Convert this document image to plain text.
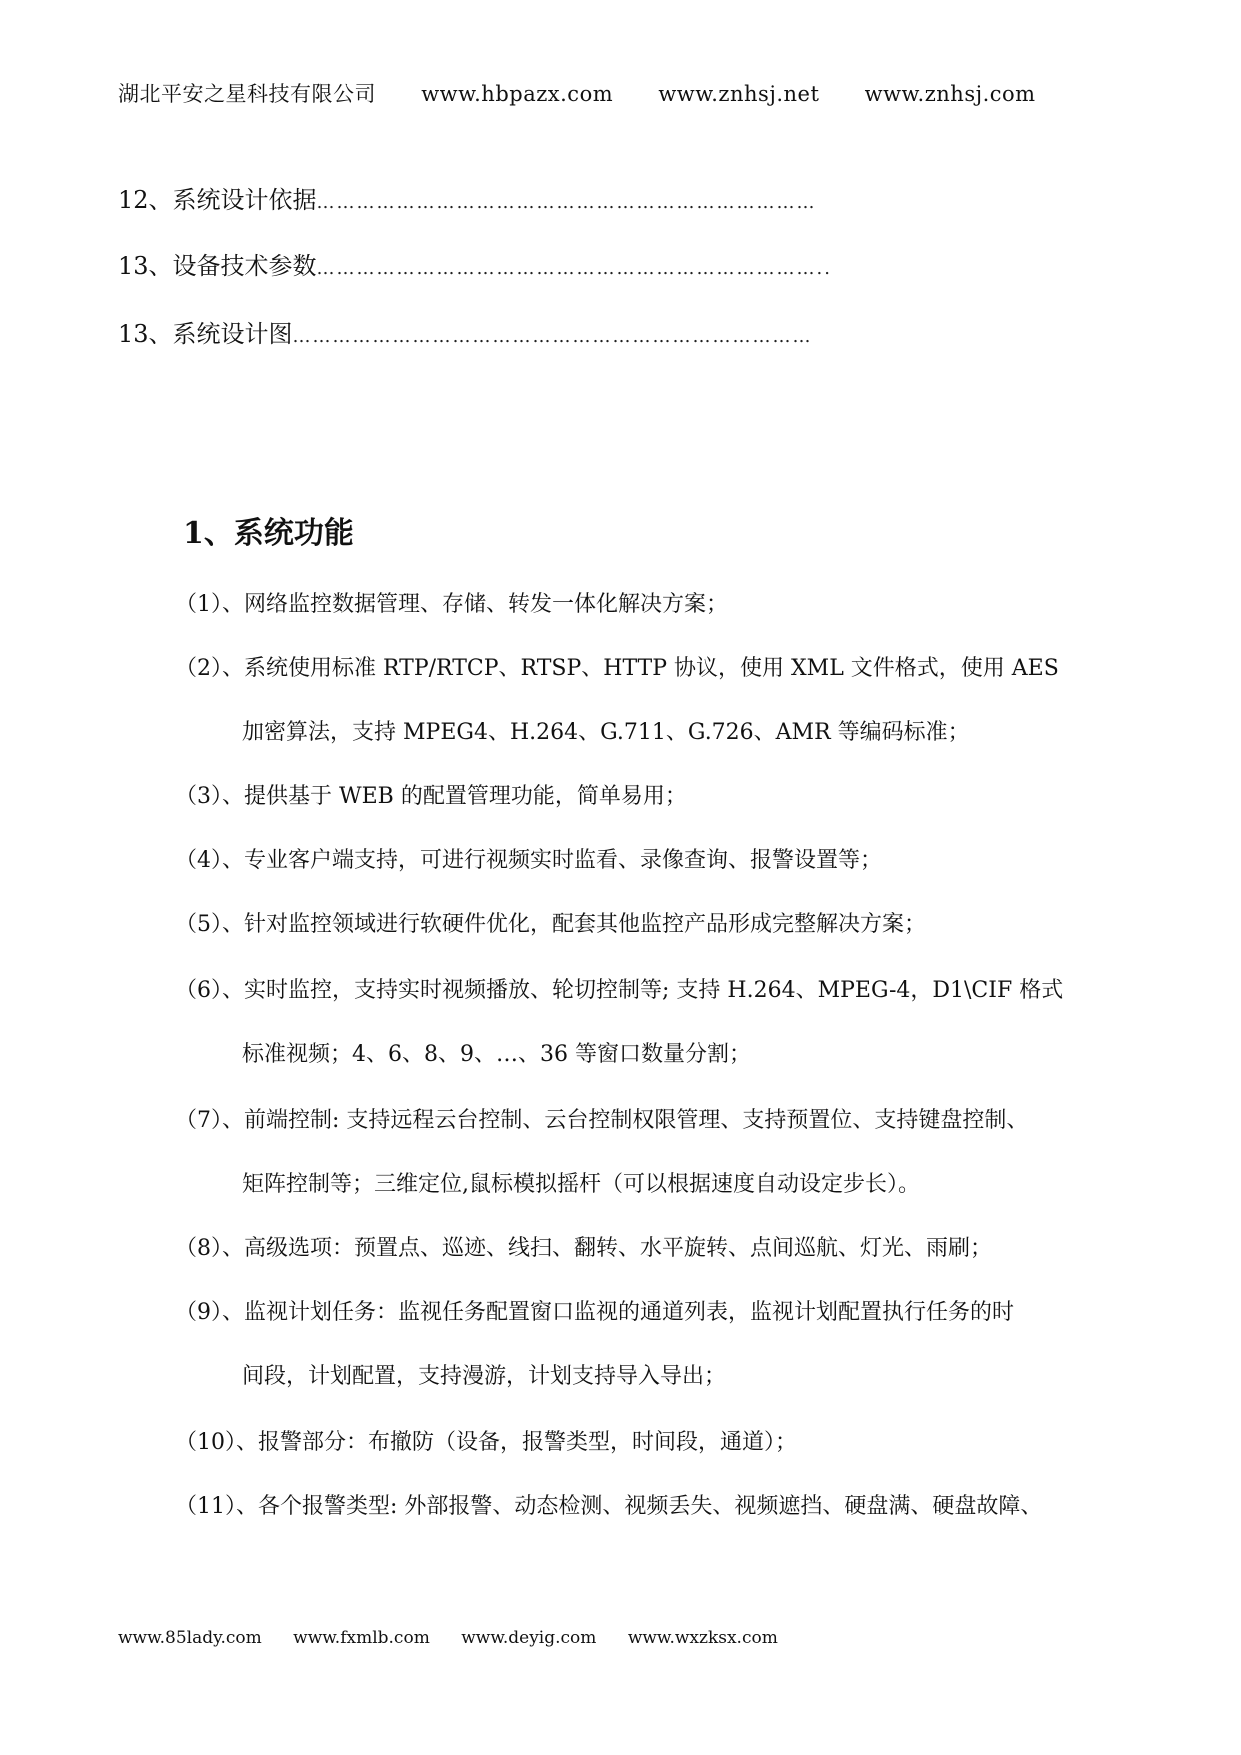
湖北平安之星科技有限公司 www.hbpazx.com www.znhsj.net www.znhsj.com
12、系统设计依据 …………………………………………………………………
13、设备技术参数 …………………………………………………………………..
13、系统设计图 ……………………………………………………………………
1、系统功能
（1）、网络监控数据管理、存储、转发一体化解决方案；
（2）、系统使用标准 RTP/RTCP、RTSP、HTTP 协议，使用 XML 文件格式，使用 AES
加密算法，支持 MPEG4、H.264、G.711、G.726、AMR 等编码标准；
（3）、提供基于 WEB 的配置管理功能，简单易用；
（4）、专业客户端支持，可进行视频实时监看、录像查询、报警设置等；
（5）、针对监控领域进行软硬件优化，配套其他监控产品形成完整解决方案；
（6）、实时监控，支持实时视频播放、轮切控制等; 支持 H.264、MPEG-4，D1\CIF 格式
标准视频；4、6、8、9、…、36 等窗口数量分割；
（7）、前端控制: 支持远程云台控制、云台控制权限管理、支持预置位、支持键盘控制、
矩阵控制等；三维定位,鼠标模拟摇杆（可以根据速度自动设定步长）。
（8）、高级选项：预置点、巡迹、线扫、翻转、水平旋转、点间巡航、灯光、雨刷；
（9）、监视计划任务：监视任务配置窗口监视的通道列表，监视计划配置执行任务的时
间段，计划配置，支持漫游，计划支持导入导出；
（10）、报警部分：布撤防（设备，报警类型，时间段，通道）；
（11）、各个报警类型: 外部报警、动态检测、视频丢失、视频遮挡、硬盘满、硬盘故障、
www.85lady.com www.fxmlb.com www.deyig.com www.wxzksx.com
